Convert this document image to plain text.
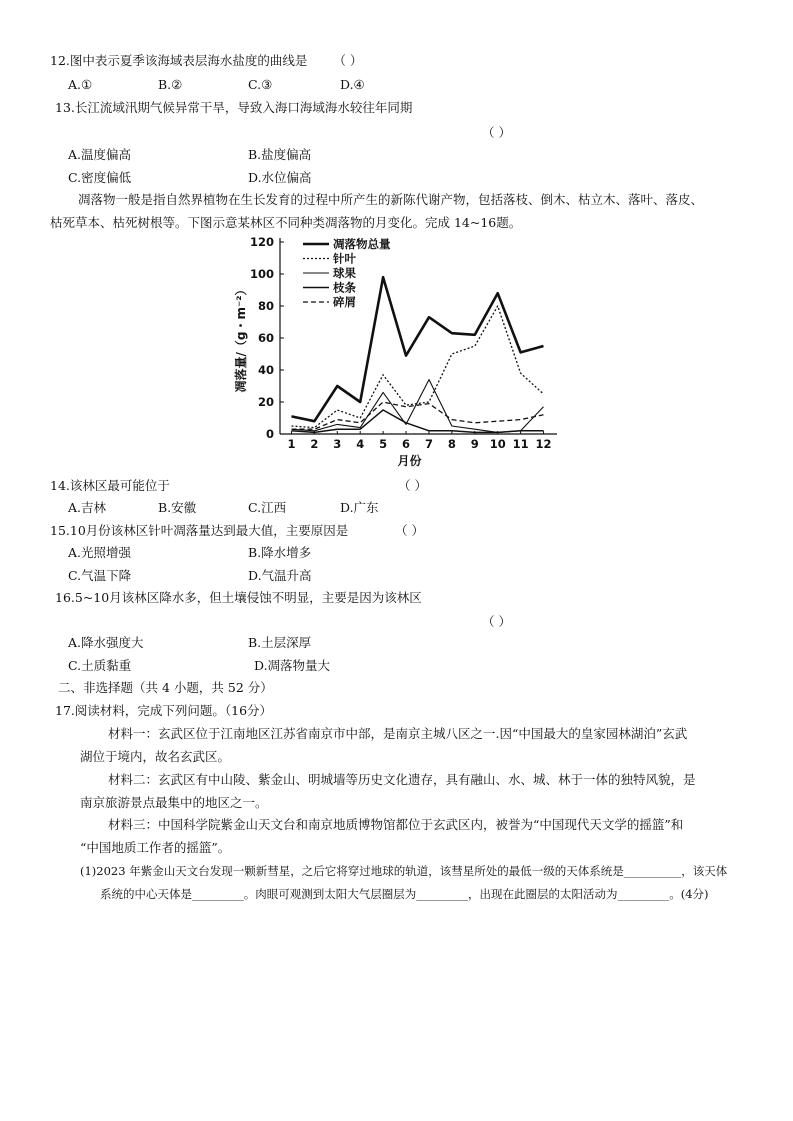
12.图中表示夏季该海域表层海水盐度的曲线是 （ ）
A.①	B.②	C.③	D.④
13.长江流域汛期气候异常干旱，导致入海口海域海水较往年同期
（ ）
A.温度偏高	B.盐度偏高
C.密度偏低	D.水位偏高
凋落物一般是指自然界植物在生长发育的过程中所产生的新陈代谢产物，包括落枝、倒木、枯立木、落叶、落皮、
枯死草本、枯死树根等。下图示意某林区不同种类凋落物的月变化。完成 14~16题。
0
20
40
60
80
100
120
1 2 3 4 5 6 7 8 9 10 11 12
月份
凋落量/（g・m⁻²）
凋落物总量
针叶
球果
枝条
碎屑
14.该林区最可能位于	（ ）
A.吉林	B.安徽	C.江西	D.广东
15.10月份该林区针叶凋落量达到最大值，主要原因是	（ ）
A.光照增强	B.降水增多
C.气温下降	D.气温升高
16.5~10月该林区降水多，但土壤侵蚀不明显，主要是因为该林区
（ ）
A.降水强度大	B.土层深厚
C.土质黏重	D.凋落物量大
二、非选择题（共 4 小题，共 52 分）
17.阅读材料，完成下列问题。（16分）
材料一：玄武区位于江南地区江苏省南京市中部，是南京主城八区之一.因“中国最大的皇家园林湖泊”玄武
湖位于境内，故名玄武区。
材料二：玄武区有中山陵、紫金山、明城墙等历史文化遗存，具有融山、水、城、林于一体的独特风貌，是
南京旅游景点最集中的地区之一。
材料三：中国科学院紫金山天文台和南京地质博物馆都位于玄武区内，被誉为“中国现代天文学的摇篮”和
“中国地质工作者的摇篮”。
(1)2023 年紫金山天文台发现一颗新彗星，之后它将穿过地球的轨道，该彗星所处的最低一级的天体系统是__________，该天体
系统的中心天体是_________。肉眼可观测到太阳大气层圈层为_________，出现在此圈层的太阳活动为_________。(4分)
